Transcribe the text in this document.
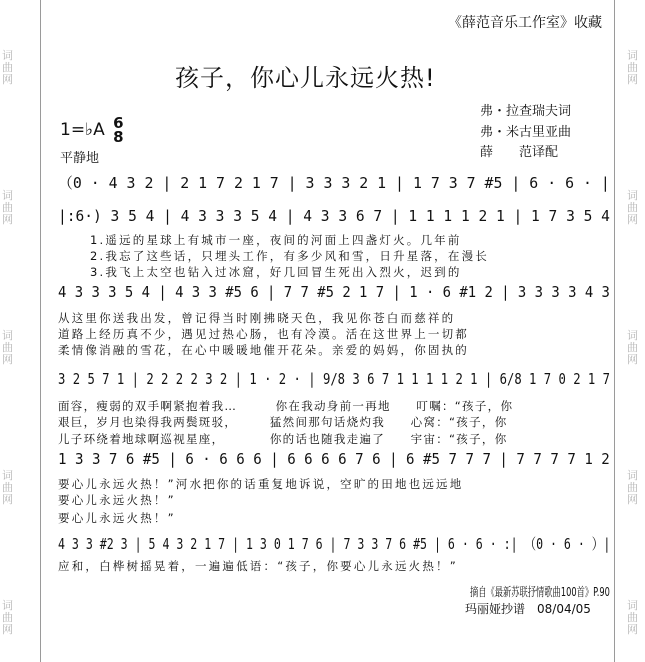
词曲网
词曲网
词曲网
词曲网
词曲网
词曲网
词曲网
词曲网
词曲网
词曲网
《薛范音乐工作室》收藏
孩子，你心儿永远火热!
弗・拉查瑞夫词
弗・米古里亚曲
薛　　范译配
1=♭A 6
8
平静地
（0 · 4 3 2 | 2 1 7 2 1 7 | 3 3 3 2 1 | 1 7 3 7 #5 | 6 · 6 · |
|:6·) 3 5 4 | 4 3 3 3 5 4 | 4 3 3 6 7 | 1 1 1 1 2 1 | 1 7 3 5 4
1.遥远的星球上有城市一座，夜间的河面上四盏灯火。几年前
2.我忘了这些话，只埋头工作，有多少风和雪，日升星落，在漫长
3.我飞上太空也钻入过冰窟，好几回冒生死出入烈火，迟到的
4 3 3 3 5 4 | 4 3 3 #5 6 | 7 7 #5 2 1 7 | 1 · 6 #1 2 | 3 3 3 3 4 3
从这里你送我出发，曾记得当时刚拂晓天色，我见你苍白而慈祥的
道路上经历真不少，遇见过热心肠，也有冷漠。活在这世界上一切都
柔情像消融的雪花，在心中暖暖地催开花朵。亲爱的妈妈，你固执的
3 2 5 7 1 | 2 2 2 2 3 2 | 1 · 2 · | 9/8 3 6 7 1 1 1 1 2 1 | 6/8 1 7 0 2 1 7
面容，瘦弱的双手啊紧抱着我…　　　你在我动身前一再地　　叮嘱：“孩子，你
艰巨，岁月也染得我两鬓斑驳，　　　猛然间那句话烧灼我　　心窝：“孩子，你
儿子环绕着地球啊巡视星座，　　　　你的话也随我走遍了　　宇宙：“孩子，你
1 3 3 7 6 #5 | 6 · 6 6 6 | 6 6 6 6 7 6 | 6 #5 7 7 7 | 7 7 7 7 1 2
要心儿永远火热！”河水把你的话重复地诉说，空旷的田地也远远地
要心儿永远火热！”
要心儿永远火热！”
4 3 3 #2 3 | 5 4 3 2 1 7 | 1 3 0 1 7 6 | 7 3 3 7 6 #5 | 6 · 6 · :| （0 · 6 · ）|
应和，白桦树摇晃着，一遍遍低语：“孩子，你要心儿永远火热！”
摘自《最新苏联抒情歌曲100首》P.90
玛丽娅抄谱　08/04/05
